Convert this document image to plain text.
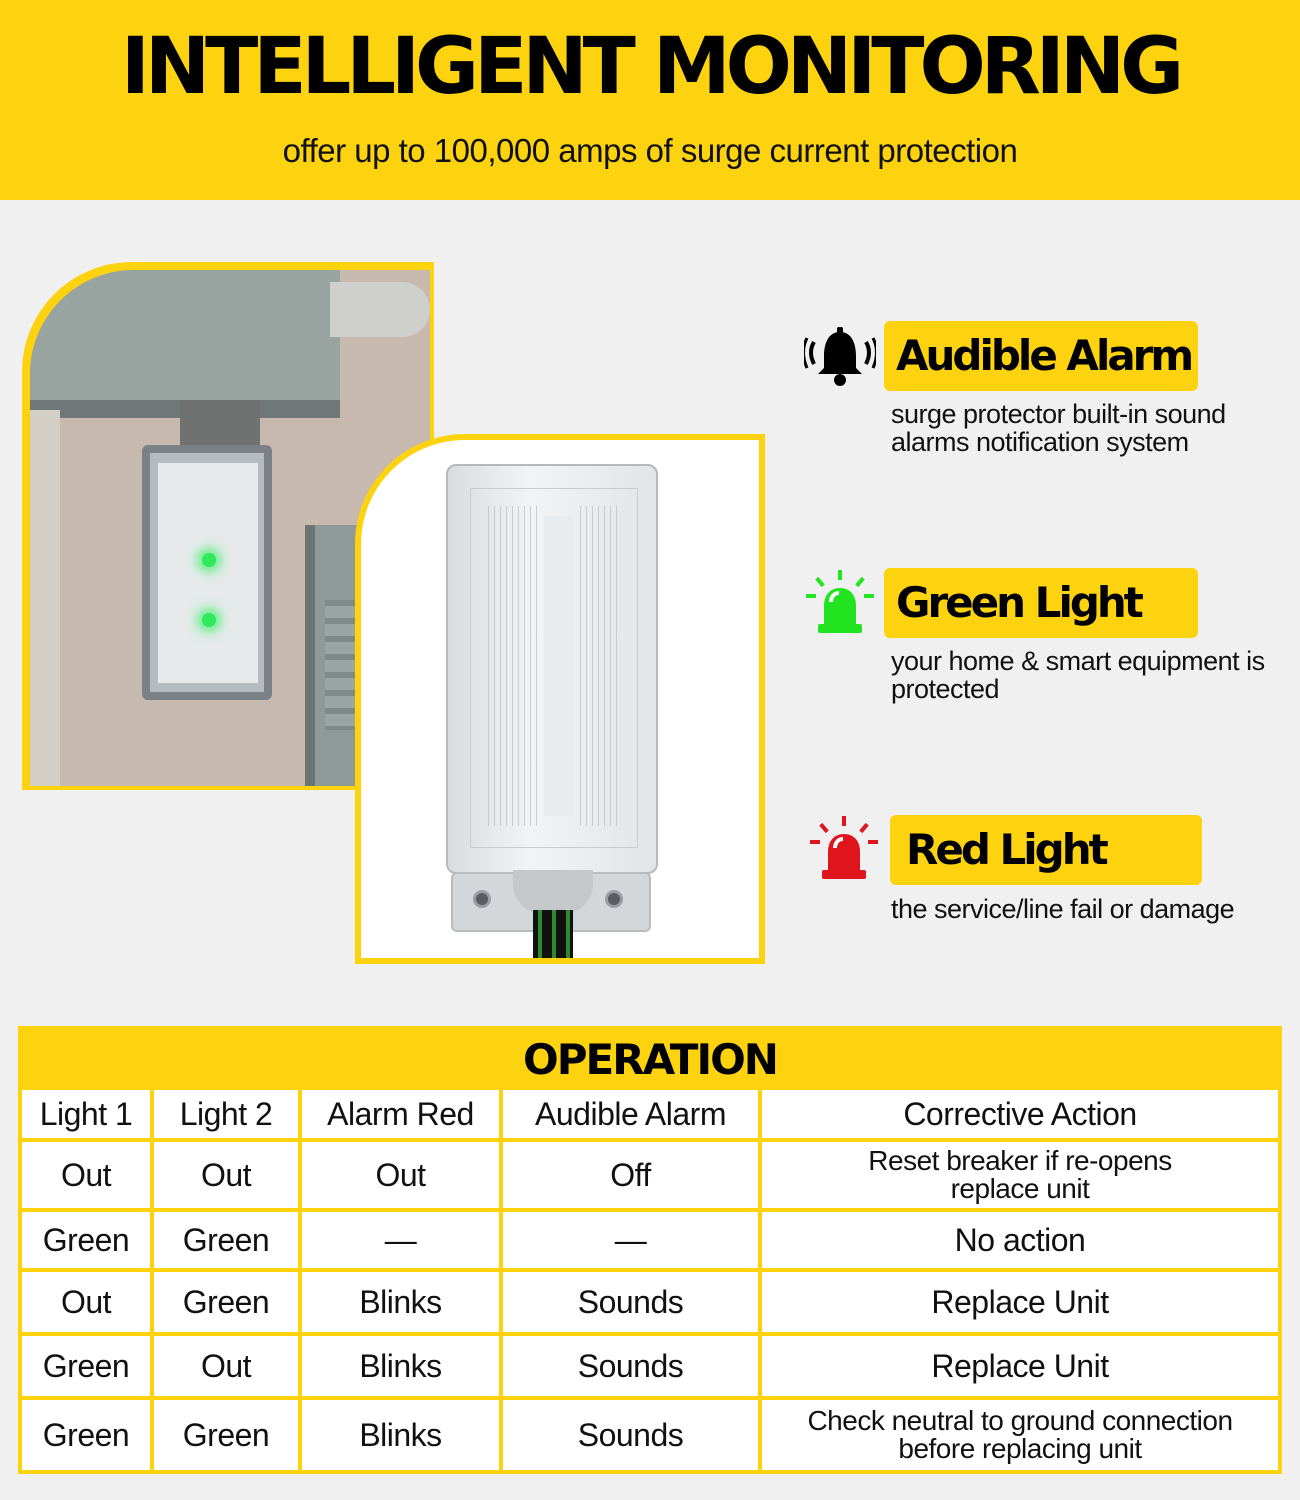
INTELLIGENT MONITORING

offer up to 100,000 amps of surge current protection

Audible Alarm
surge protector built-in sound alarms notification system
Green Light
your home & smart equipment is protected
Red Light
the service/line fail or damage
OPERATION
Light 1	Light 2	Alarm Red	Audible Alarm	Corrective Action
Out	Out	Out	Off	Reset breaker if re-opens replace unit
Green	Green	—	—	No action
Out	Green	Blinks	Sounds	Replace Unit
Green	Out	Blinks	Sounds	Replace Unit
Green	Green	Blinks	Sounds	Check neutral to ground connection before replacing unit
